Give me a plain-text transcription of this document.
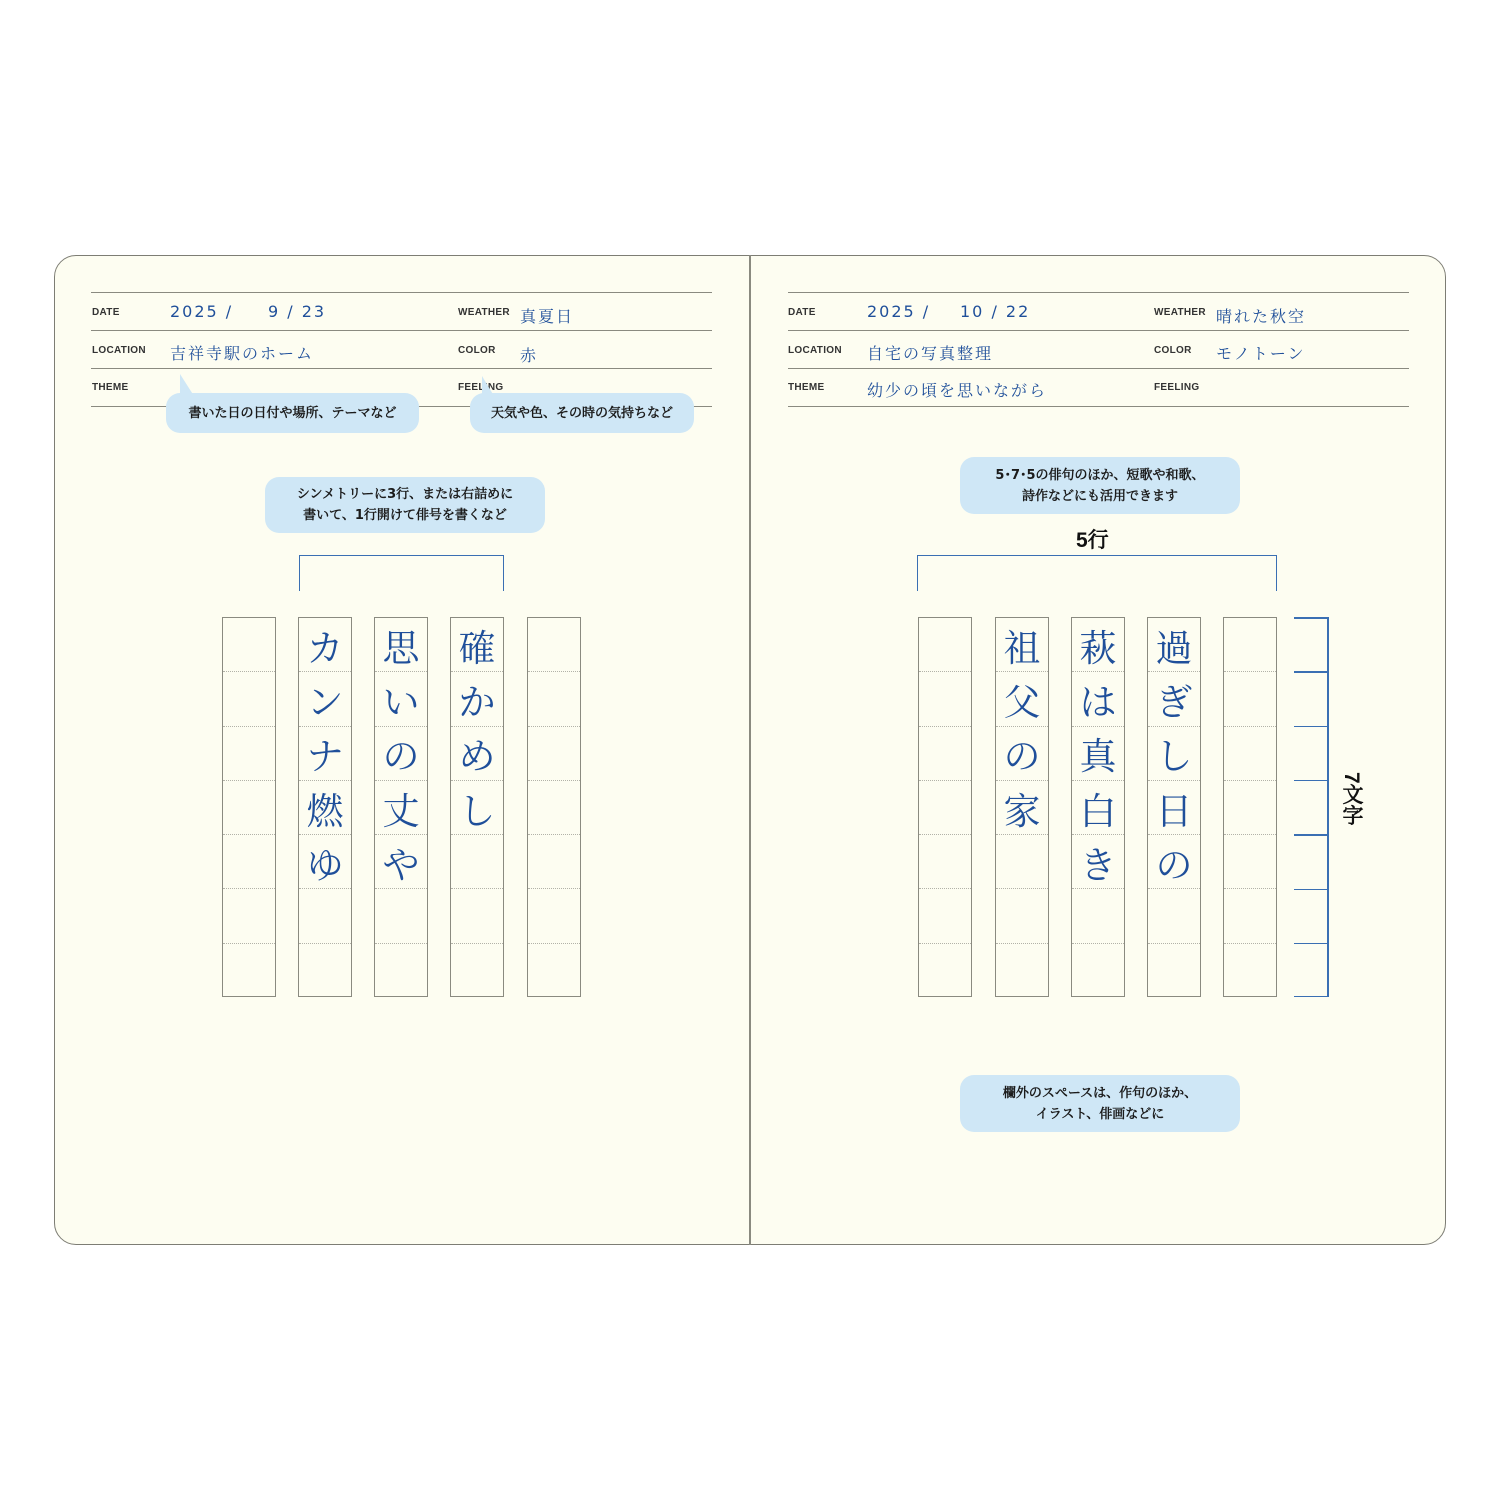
DATE	2025 / 9 / 23	WEATHER 真夏日
LOCATION 吉祥寺駅のホーム	COLOR 赤
THEME	FEELING
書いた日の日付や場所、テーマなど	天気や色、その時の気持ちなど
シンメトリーに3行、または右詰めに
書いて、1行開けて俳号を書くなど
カ
ン
ナ
燃
ゆ
思
い
の
丈
や
確
か
め
し
DATE	2025 / 10 / 22	WEATHER 晴れた秋空
LOCATION 自宅の写真整理	COLOR モノトーン
THEME	幼少の頃を思いながら	FEELING
5･7･5の俳句のほか、短歌や和歌、
詩作などにも活用できます
5行
祖
父
の
家
萩
は
真
白
き
過
ぎ
し
日
の
7文字
欄外のスペースは、作句のほか、
イラスト、俳画などに
